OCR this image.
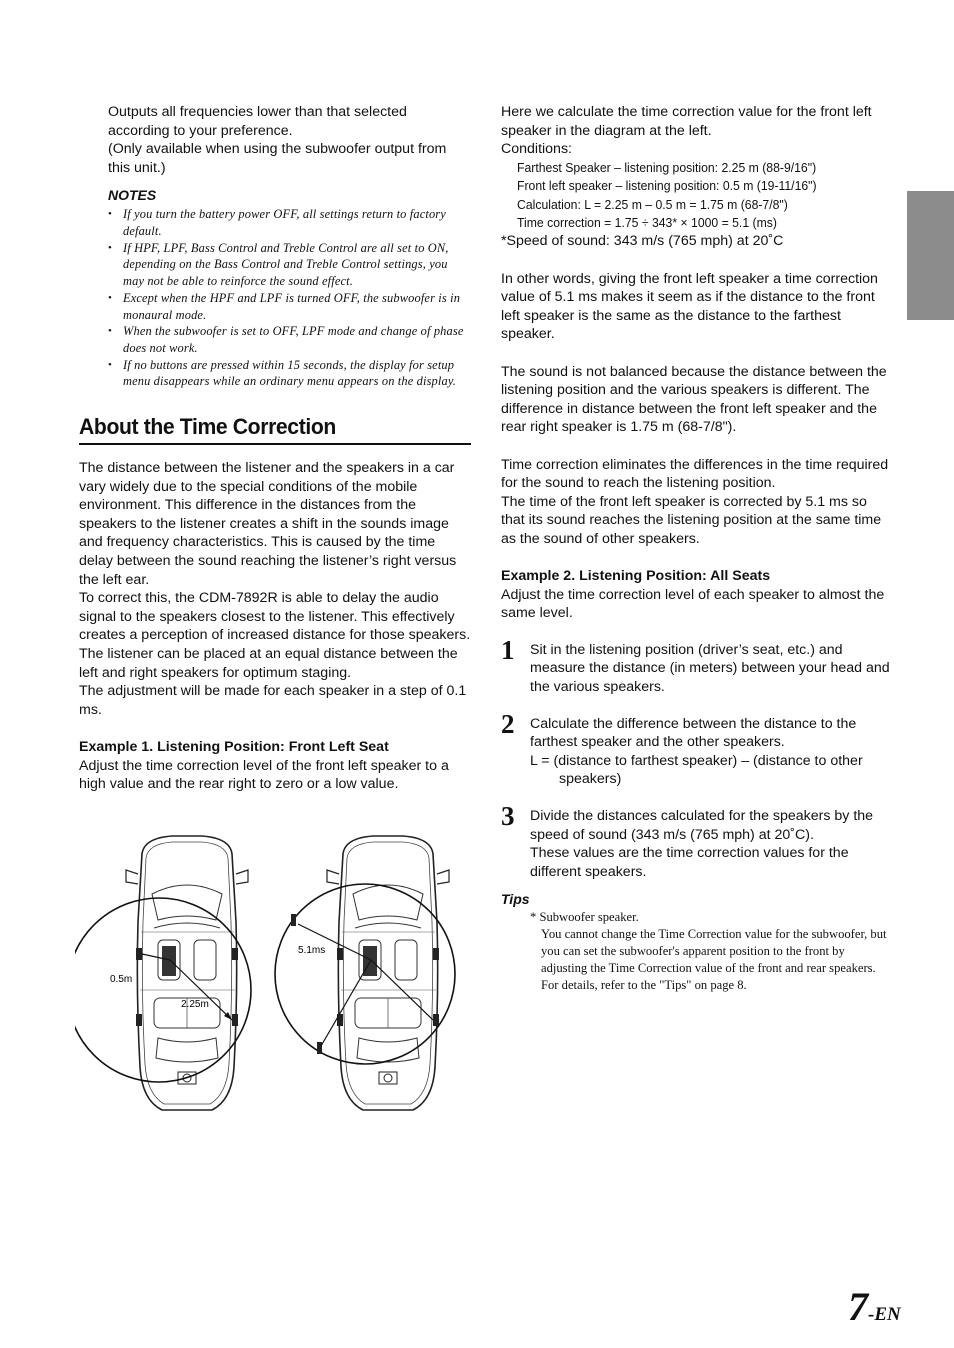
Outputs all frequencies lower than that selected

according to your preference.

(Only available when using the subwoofer output from

this unit.)

NOTES
• If you turn the battery power OFF, all settings return to factory default.
• If HPF, LPF, Bass Control and Treble Control are all set to ON, depending on the Bass Control and Treble Control settings, you may not be able to reinforce the sound effect.
• Except when the HPF and LPF is turned OFF, the subwoofer is in monaural mode.
• When the subwoofer is set to OFF, LPF mode and change of phase does not work.
• If no buttons are pressed within 15 seconds, the display for setup menu disappears while an ordinary menu appears on the display.
About the Time Correction

The distance between the listener and the speakers in a car vary widely due to the special conditions of the mobile environment. This difference in the distances from the speakers to the listener creates a shift in the sounds image and frequency characteristics. This is caused by the time delay between the sound reaching the listener’s right versus the left ear.

To correct this, the CDM-7892R is able to delay the audio signal to the speakers closest to the listener. This effectively creates a perception of increased distance for those speakers. The listener can be placed at an equal distance between the left and right speakers for optimum staging.

The adjustment will be made for each speaker in a step of 0.1 ms.

Example 1. Listening Position: Front Left Seat

Adjust the time correction level of the front left speaker to a high value and the rear right to zero or a low value.

0.5m
2.25m
5.1ms

Here we calculate the time correction value for the front left speaker in the diagram at the left.

Conditions:

Farthest Speaker – listening position: 2.25 m (88-9/16")

Front left speaker – listening position: 0.5 m (19-11/16")

Calculation: L = 2.25 m – 0.5 m = 1.75 m (68-7/8")

Time correction = 1.75 ÷ 343* × 1000 = 5.1 (ms)

*Speed of sound: 343 m/s (765 mph) at 20˚C

In other words, giving the front left speaker a time correction value of 5.1 ms makes it seem as if the distance to the front left speaker is the same as the distance to the farthest speaker.

The sound is not balanced because the distance between the listening position and the various speakers is different. The difference in distance between the front left speaker and the rear right speaker is 1.75 m (68-7/8").

Time correction eliminates the differences in the time required for the sound to reach the listening position.

The time of the front left speaker is corrected by 5.1 ms so that its sound reaches the listening position at the same time as the sound of other speakers.

Example 2. Listening Position: All Seats

Adjust the time correction level of each speaker to almost the same level.

1 Sit in the listening position (driver’s seat, etc.) and measure the distance (in meters) between your head and the various speakers.

2 Calculate the difference between the distance to the farthest speaker and the other speakers.

L = (distance to farthest speaker) – (distance to other speakers)

3 Divide the distances calculated for the speakers by the speed of sound (343 m/s (765 mph) at 20˚C).

These values are the time correction values for the different speakers.

Tips
* Subwoofer speaker.
You cannot change the Time Correction value for the subwoofer, but you can set the subwoofer's apparent position to the front by adjusting the Time Correction value of the front and rear speakers.
For details, refer to the "Tips" on page 8.
7-EN
